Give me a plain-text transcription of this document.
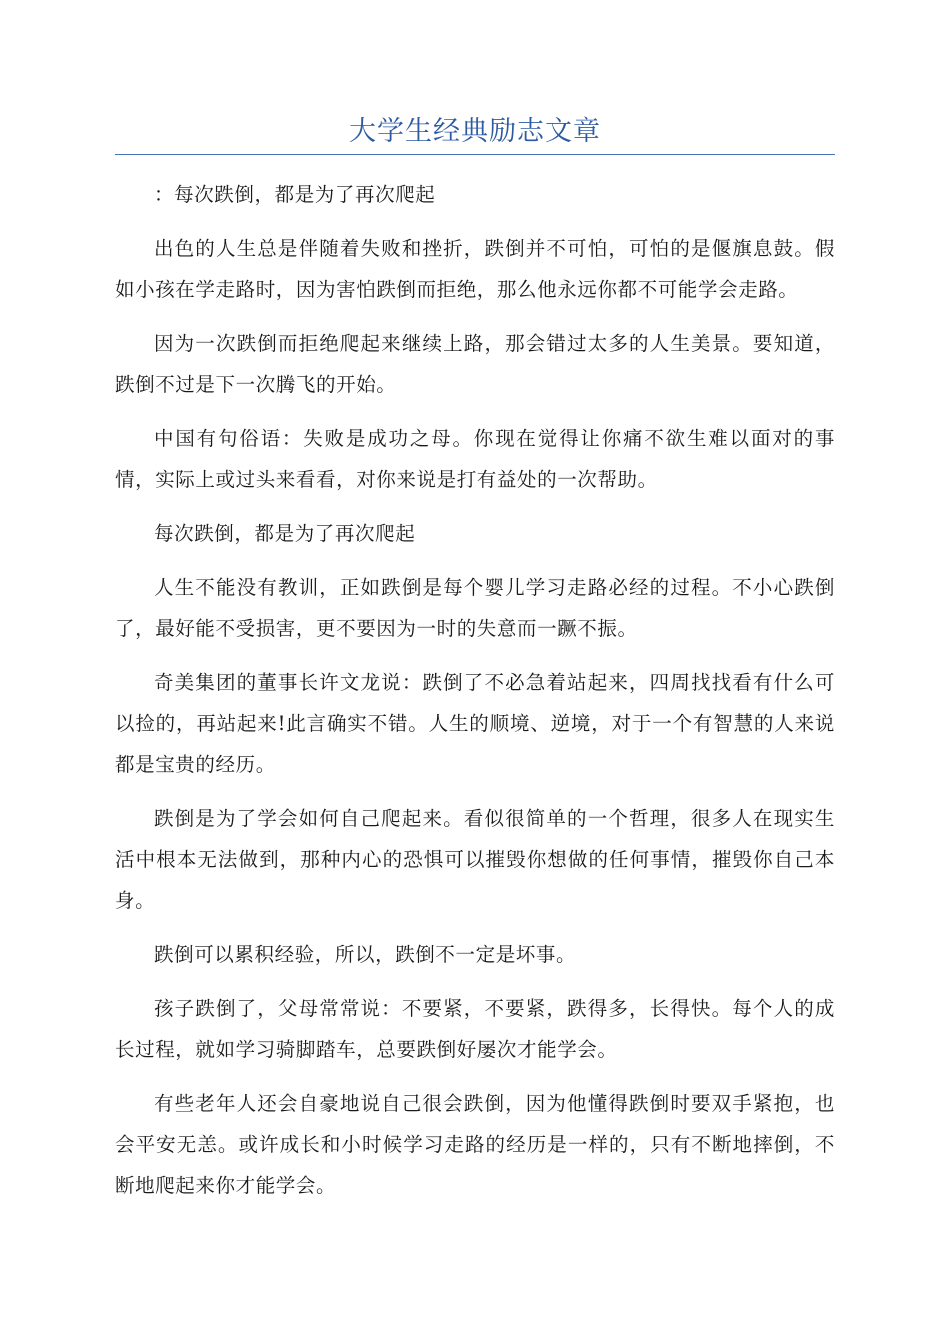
大学生经典励志文章

：每次跌倒，都是为了再次爬起

出色的人生总是伴随着失败和挫折，跌倒并不可怕，可怕的是偃旗息鼓。假如小孩在学走路时，因为害怕跌倒而拒绝，那么他永远你都不可能学会走路。

因为一次跌倒而拒绝爬起来继续上路，那会错过太多的人生美景。要知道，跌倒不过是下一次腾飞的开始。

中国有句俗语：失败是成功之母。你现在觉得让你痛不欲生难以面对的事情，实际上或过头来看看，对你来说是打有益处的一次帮助。

每次跌倒，都是为了再次爬起

人生不能没有教训，正如跌倒是每个婴儿学习走路必经的过程。不小心跌倒了，最好能不受损害，更不要因为一时的失意而一蹶不振。

奇美集团的董事长许文龙说：跌倒了不必急着站起来，四周找找看有什么可以捡的，再站起来!此言确实不错。人生的顺境、逆境，对于一个有智慧的人来说都是宝贵的经历。

跌倒是为了学会如何自己爬起来。看似很简单的一个哲理，很多人在现实生活中根本无法做到，那种内心的恐惧可以摧毁你想做的任何事情，摧毁你自己本身。

跌倒可以累积经验，所以，跌倒不一定是坏事。

孩子跌倒了，父母常常说：不要紧，不要紧，跌得多，长得快。每个人的成长过程，就如学习骑脚踏车，总要跌倒好屡次才能学会。

有些老年人还会自豪地说自己很会跌倒，因为他懂得跌倒时要双手紧抱，也会平安无恙。或许成长和小时候学习走路的经历是一样的，只有不断地摔倒，不断地爬起来你才能学会。
